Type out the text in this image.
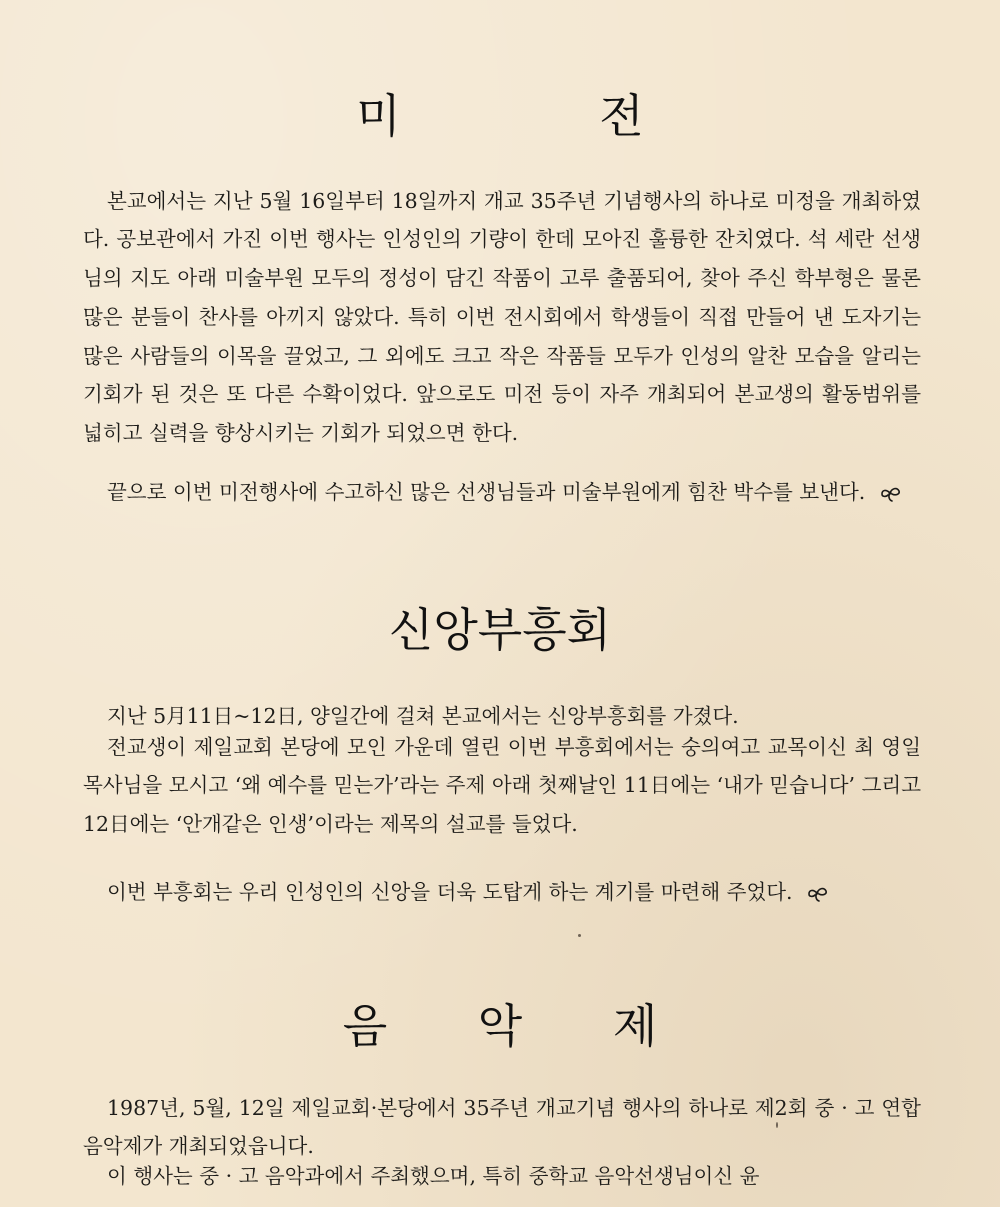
미 전

본교에서는 지난 5월 16일부터 18일까지 개교 35주년 기념행사의 하나로 미정을 개최하였다. 공보관에서 가진 이번 행사는 인성인의 기량이 한데 모아진 훌륭한 잔치였다. 석 세란 선생님의 지도 아래 미술부원 모두의 정성이 담긴 작품이 고루 출품되어, 찾아 주신 학부형은 물론 많은 분들이 찬사를 아끼지 않았다. 특히 이번 전시회에서 학생들이 직접 만들어 낸 도자기는 많은 사람들의 이목을 끌었고, 그 외에도 크고 작은 작품들 모두가 인성의 알찬 모습을 알리는 기회가 된 것은 또 다른 수확이었다. 앞으로도 미전 등이 자주 개최되어 본교생의 활동범위를 넓히고 실력을 향상시키는 기회가 되었으면 한다.

끝으로 이번 미전행사에 수고하신 많은 선생님들과 미술부원에게 힘찬 박수를 보낸다.

신앙부흥회

지난 5月11日~12日, 양일간에 걸쳐 본교에서는 신앙부흥회를 가졌다.

전교생이 제일교회 본당에 모인 가운데 열린 이번 부흥회에서는 숭의여고 교목이신 최 영일목사님을 모시고 ‘왜 예수를 믿는가’라는 주제 아래 첫째날인 11日에는 ‘내가 믿습니다’ 그리고 12日에는 ‘안개같은 인생’이라는 제목의 설교를 들었다.

이번 부흥회는 우리 인성인의 신앙을 더욱 도탑게 하는 계기를 마련해 주었다.

음 악 제

1987년, 5월, 12일 제일교회·본당에서 35주년 개교기념 행사의 하나로 제2회 중 · 고 연합 음악제가 개최되었읍니다.

이 행사는 중 · 고 음악과에서 주최했으며, 특히 중학교 음악선생님이신 윤
